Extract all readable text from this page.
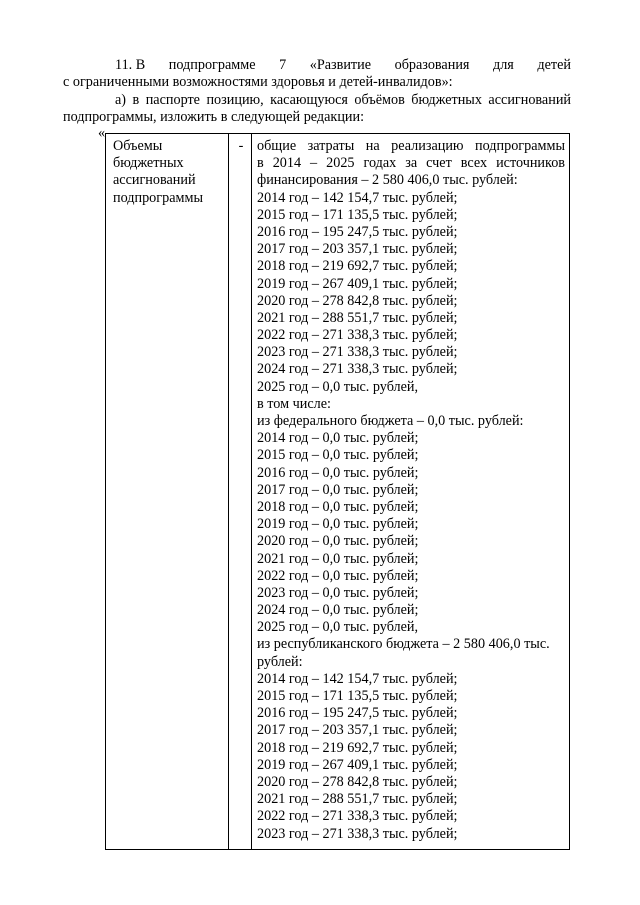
11. В подпрограмме 7 «Развитие образования для детей
с ограниченными возможностями здоровья и детей-инвалидов»:
а) в паспорте позицию, касающуюся объёмов бюджетных ассигнований
подпрограммы, изложить в следующей редакции:
«
Объемы
бюджетных
ассигнований
подпрограммы
- общие затраты на реализацию подпрограммы
в 2014 – 2025 годах за счет всех источников
финансирования – 2 580 406,0 тыс. рублей:
2014 год – 142 154,7 тыс. рублей;
2015 год – 171 135,5 тыс. рублей;
2016 год – 195 247,5 тыс. рублей;
2017 год – 203 357,1 тыс. рублей;
2018 год – 219 692,7 тыс. рублей;
2019 год – 267 409,1 тыс. рублей;
2020 год – 278 842,8 тыс. рублей;
2021 год – 288 551,7 тыс. рублей;
2022 год – 271 338,3 тыс. рублей;
2023 год – 271 338,3 тыс. рублей;
2024 год – 271 338,3 тыс. рублей;
2025 год – 0,0 тыс. рублей,
в том числе:
из федерального бюджета – 0,0 тыс. рублей:
2014 год – 0,0 тыс. рублей;
2015 год – 0,0 тыс. рублей;
2016 год – 0,0 тыс. рублей;
2017 год – 0,0 тыс. рублей;
2018 год – 0,0 тыс. рублей;
2019 год – 0,0 тыс. рублей;
2020 год – 0,0 тыс. рублей;
2021 год – 0,0 тыс. рублей;
2022 год – 0,0 тыс. рублей;
2023 год – 0,0 тыс. рублей;
2024 год – 0,0 тыс. рублей;
2025 год – 0,0 тыс. рублей,
из республиканского бюджета – 2 580 406,0 тыс.
рублей:
2014 год – 142 154,7 тыс. рублей;
2015 год – 171 135,5 тыс. рублей;
2016 год – 195 247,5 тыс. рублей;
2017 год – 203 357,1 тыс. рублей;
2018 год – 219 692,7 тыс. рублей;
2019 год – 267 409,1 тыс. рублей;
2020 год – 278 842,8 тыс. рублей;
2021 год – 288 551,7 тыс. рублей;
2022 год – 271 338,3 тыс. рублей;
2023 год – 271 338,3 тыс. рублей;
